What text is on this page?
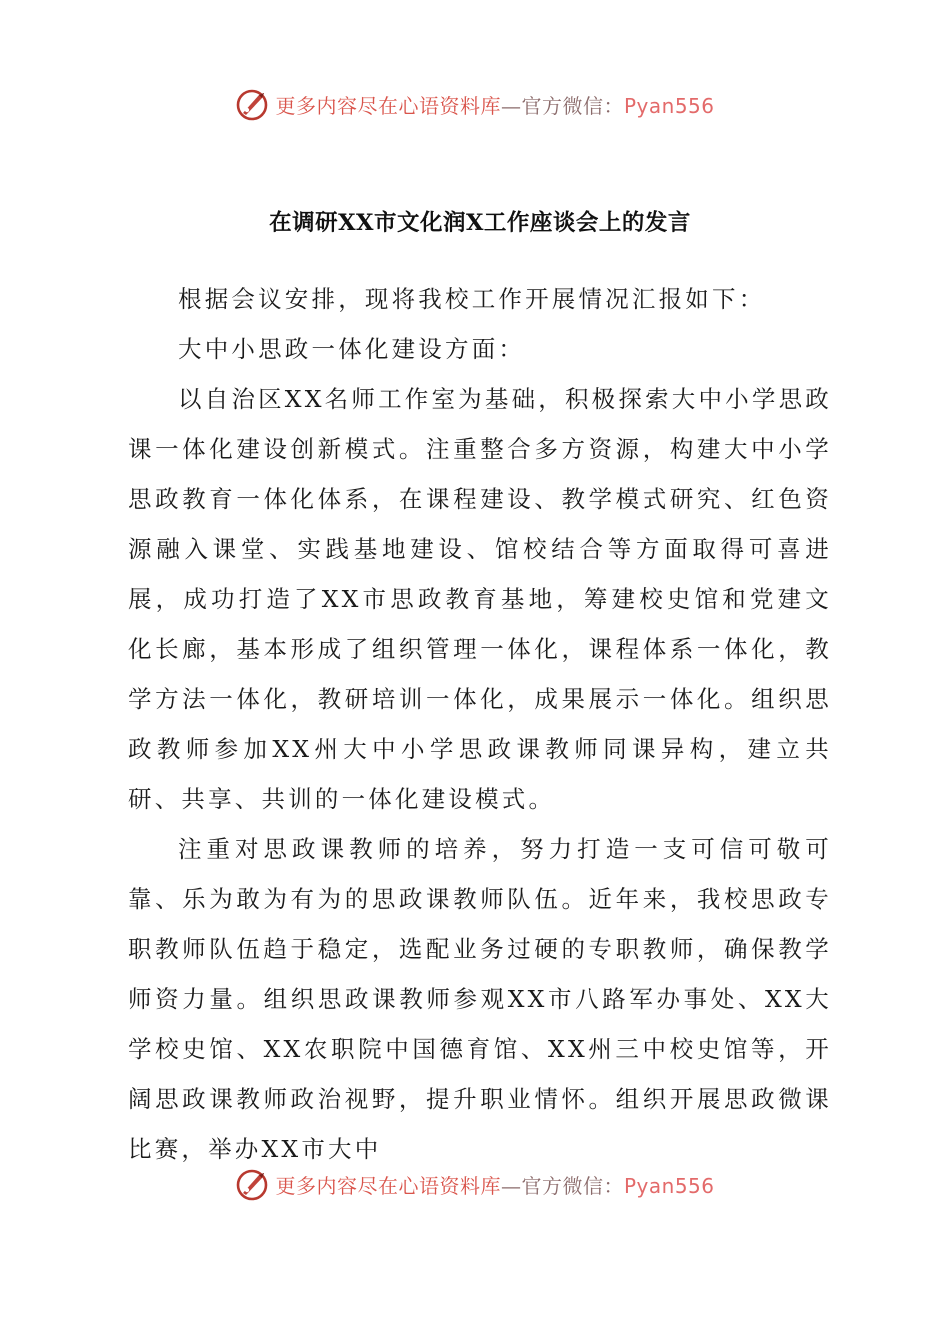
更多内容尽在心语资料库—官方微信：Pyan556
在调研XX市文化润X工作座谈会上的发言

根据会议安排，现将我校工作开展情况汇报如下：

大中小思政一体化建设方面：

以自治区XX名师工作室为基础，积极探索大中小学思政课一体化建设创新模式。注重整合多方资源，构建大中小学思政教育一体化体系，在课程建设、教学模式研究、红色资源融入课堂、实践基地建设、馆校结合等方面取得可喜进展，成功打造了XX市思政教育基地，筹建校史馆和党建文化长廊，基本形成了组织管理一体化，课程体系一体化，教学方法一体化，教研培训一体化，成果展示一体化。组织思政教师参加XX州大中小学思政课教师同课异构，建立共研、共享、共训的一体化建设模式。

注重对思政课教师的培养，努力打造一支可信可敬可靠、乐为敢为有为的思政课教师队伍。近年来，我校思政专职教师队伍趋于稳定，选配业务过硬的专职教师，确保教学师资力量。组织思政课教师参观XX市八路军办事处、XX大学校史馆、XX农职院中国德育馆、XX州三中校史馆等，开阔思政课教师政治视野，提升职业情怀。组织开展思政微课比赛，举办XX市大中

更多内容尽在心语资料库—官方微信：Pyan556
